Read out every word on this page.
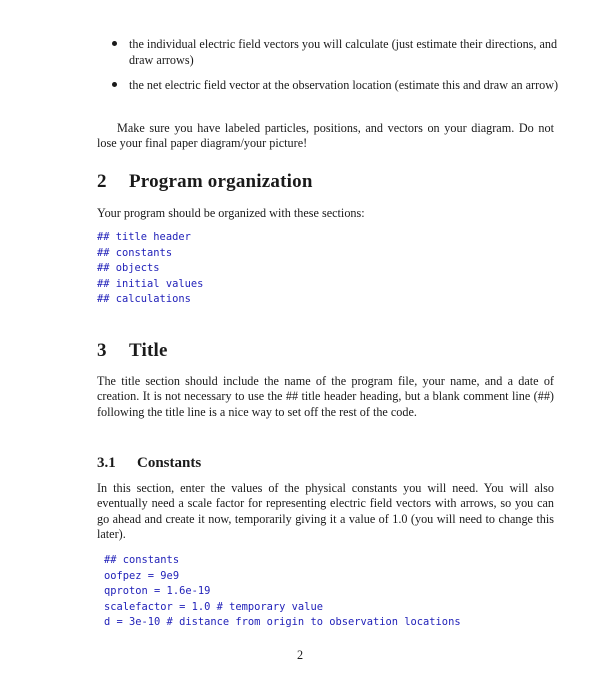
the individual electric field vectors you will calculate (just estimate their directions, and draw arrows)
the net electric field vector at the observation location (estimate this and draw an arrow)
Make sure you have labeled particles, positions, and vectors on your diagram. Do not lose your final paper diagram/your picture!
2 Program organization
Your program should be organized with these sections:
## title header
## constants
## objects
## initial values
## calculations
3 Title
The title section should include the name of the program file, your name, and a date of creation. It is not necessary to use the ## title header heading, but a blank comment line (##) following the title line is a nice way to set off the rest of the code.
3.1 Constants
In this section, enter the values of the physical constants you will need. You will also eventually need a scale factor for representing electric field vectors with arrows, so you can go ahead and create it now, temporarily giving it a value of 1.0 (you will need to change this later).
## constants
oofpez = 9e9
qproton = 1.6e-19
scalefactor = 1.0 # temporary value
d = 3e-10 # distance from origin to observation locations
2
